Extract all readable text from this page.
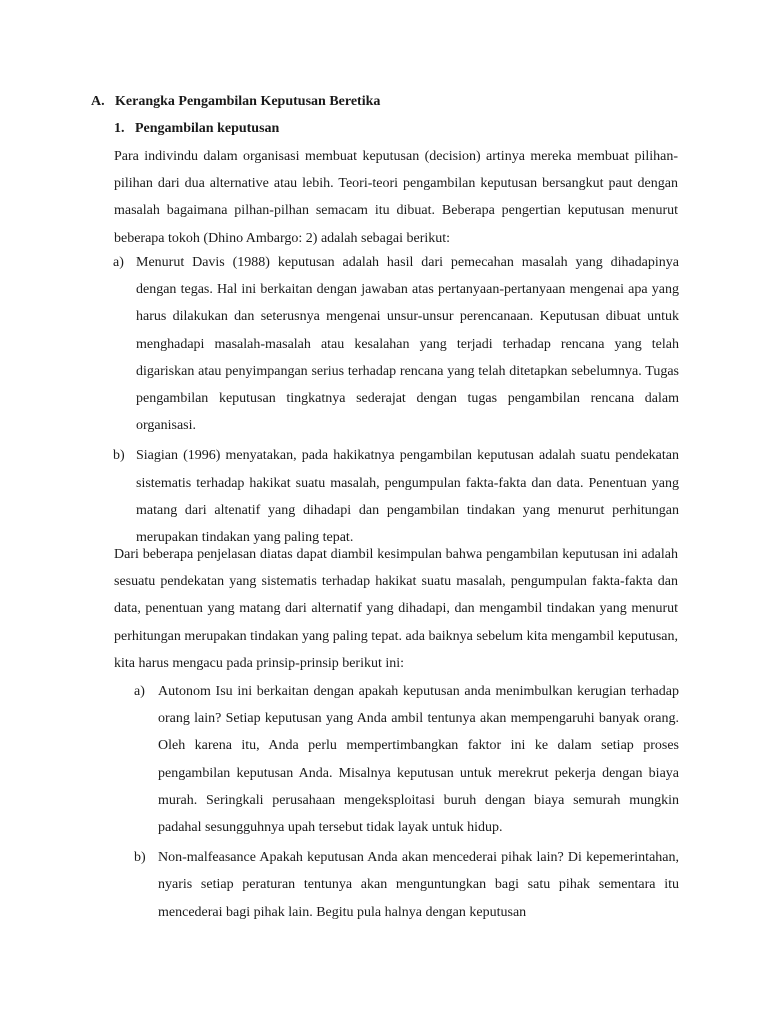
A. Kerangka Pengambilan Keputusan Beretika
1. Pengambilan keputusan

Para indivindu dalam organisasi membuat keputusan (decision) artinya mereka membuat pilihan-pilihan dari dua alternative atau lebih. Teori-teori pengambilan keputusan bersangkut paut dengan masalah bagaimana pilhan-pilhan semacam itu dibuat. Beberapa pengertian keputusan menurut beberapa tokoh (Dhino Ambargo: 2) adalah sebagai berikut:

a) Menurut Davis (1988) keputusan adalah hasil dari pemecahan masalah yang dihadapinya dengan tegas. Hal ini berkaitan dengan jawaban atas pertanyaan-pertanyaan mengenai apa yang harus dilakukan dan seterusnya mengenai unsur-unsur perencanaan. Keputusan dibuat untuk menghadapi masalah-masalah atau kesalahan yang terjadi terhadap rencana yang telah digariskan atau penyimpangan serius terhadap rencana yang telah ditetapkan sebelumnya. Tugas pengambilan keputusan tingkatnya sederajat dengan tugas pengambilan rencana dalam organisasi.
b) Siagian (1996) menyatakan, pada hakikatnya pengambilan keputusan adalah suatu pendekatan sistematis terhadap hakikat suatu masalah, pengumpulan fakta-fakta dan data. Penentuan yang matang dari altenatif yang dihadapi dan pengambilan tindakan yang menurut perhitungan merupakan tindakan yang paling tepat.

Dari beberapa penjelasan diatas dapat diambil kesimpulan bahwa pengambilan keputusan ini adalah sesuatu pendekatan yang sistematis terhadap hakikat suatu masalah, pengumpulan fakta-fakta dan data, penentuan yang matang dari alternatif yang dihadapi, dan mengambil tindakan yang menurut perhitungan merupakan tindakan yang paling tepat. ada baiknya sebelum kita mengambil keputusan, kita harus mengacu pada prinsip-prinsip berikut ini:

a) Autonom Isu ini berkaitan dengan apakah keputusan anda menimbulkan kerugian terhadap orang lain? Setiap keputusan yang Anda ambil tentunya akan mempengaruhi banyak orang. Oleh karena itu, Anda perlu mempertimbangkan faktor ini ke dalam setiap proses pengambilan keputusan Anda. Misalnya keputusan untuk merekrut pekerja dengan biaya murah. Seringkali perusahaan mengeksploitasi buruh dengan biaya semurah mungkin padahal sesungguhnya upah tersebut tidak layak untuk hidup.
b) Non-malfeasance Apakah keputusan Anda akan mencederai pihak lain? Di kepemerintahan, nyaris setiap peraturan tentunya akan menguntungkan bagi satu pihak sementara itu mencederai bagi pihak lain. Begitu pula halnya dengan keputusan
